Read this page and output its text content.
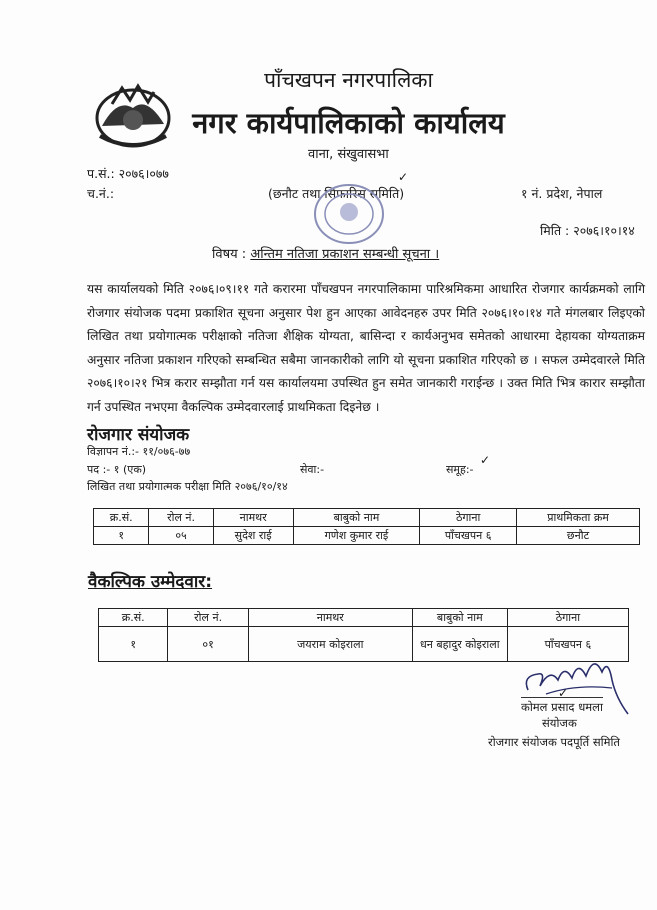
पाँचखपन नगरपालिका
नगर कार्यपालिकाको कार्यालय
वाना, संखुवासभा
✓
प.सं.: २०७६।०७७
च.नं.:	(छनौट तथा सिफारिस समिति)	१ नं. प्रदेश, नेपाल
मिति : २०७६।१०।१४
विषय : अन्तिम नतिजा प्रकाशन सम्बन्धी सूचना ।
यस कार्यालयको मिति २०७६।०९।११ गते करारमा पाँचखपन नगरपालिकामा पारिश्रमिकमा आधारित रोजगार कार्यक्रमको लागि रोजगार संयोजक पदमा प्रकाशित सूचना अनुसार पेश हुन आएका आवेदनहरु उपर मिति २०७६।१०।१४ गते मंगलबार लिइएको लिखित तथा प्रयोगात्मक परीक्षाको नतिजा शैक्षिक योग्यता, बासिन्दा र कार्यअनुभव समेतको आधारमा देहायका योग्यताक्रम अनुसार नतिजा प्रकाशन गरिएको सम्बन्धित सबैमा जानकारीको लागि यो सूचना प्रकाशित गरिएको छ । सफल उम्मेदवारले मिति २०७६।१०।२१ भित्र करार सम्झौता गर्न यस कार्यालयमा उपस्थित हुन समेत जानकारी गराईन्छ । उक्त मिति भित्र कारार सम्झौता गर्न उपस्थित नभएमा वैकल्पिक उम्मेदवारलाई प्राथमिकता दिइनेछ ।
रोजगार संयोजक
विज्ञापन नं.:- ११/०७६-७७
पद :- १ (एक)	सेवा:-	समूह:-
✓
लिखित तथा प्रयोगात्मक परीक्षा मिति २०७६/१०/१४
क्र.सं.	रोल नं.	नामथर	बाबुको नाम	ठेगाना	प्राथमिकता क्रम
१	०५	सुदेश राई	गणेश कुमार राई	पाँचखपन ६	छनौट
वैकल्पिक उम्मेदवार:
क्र.सं.	रोल नं.	नामथर	बाबुको नाम	ठेगाना
१	०१	जयराम कोइराला	धन बहादुर कोइराला	पाँचखपन ६
✓
कोमल प्रसाद धमला
संयोजक
रोजगार संयोजक पदपूर्ति समिति
